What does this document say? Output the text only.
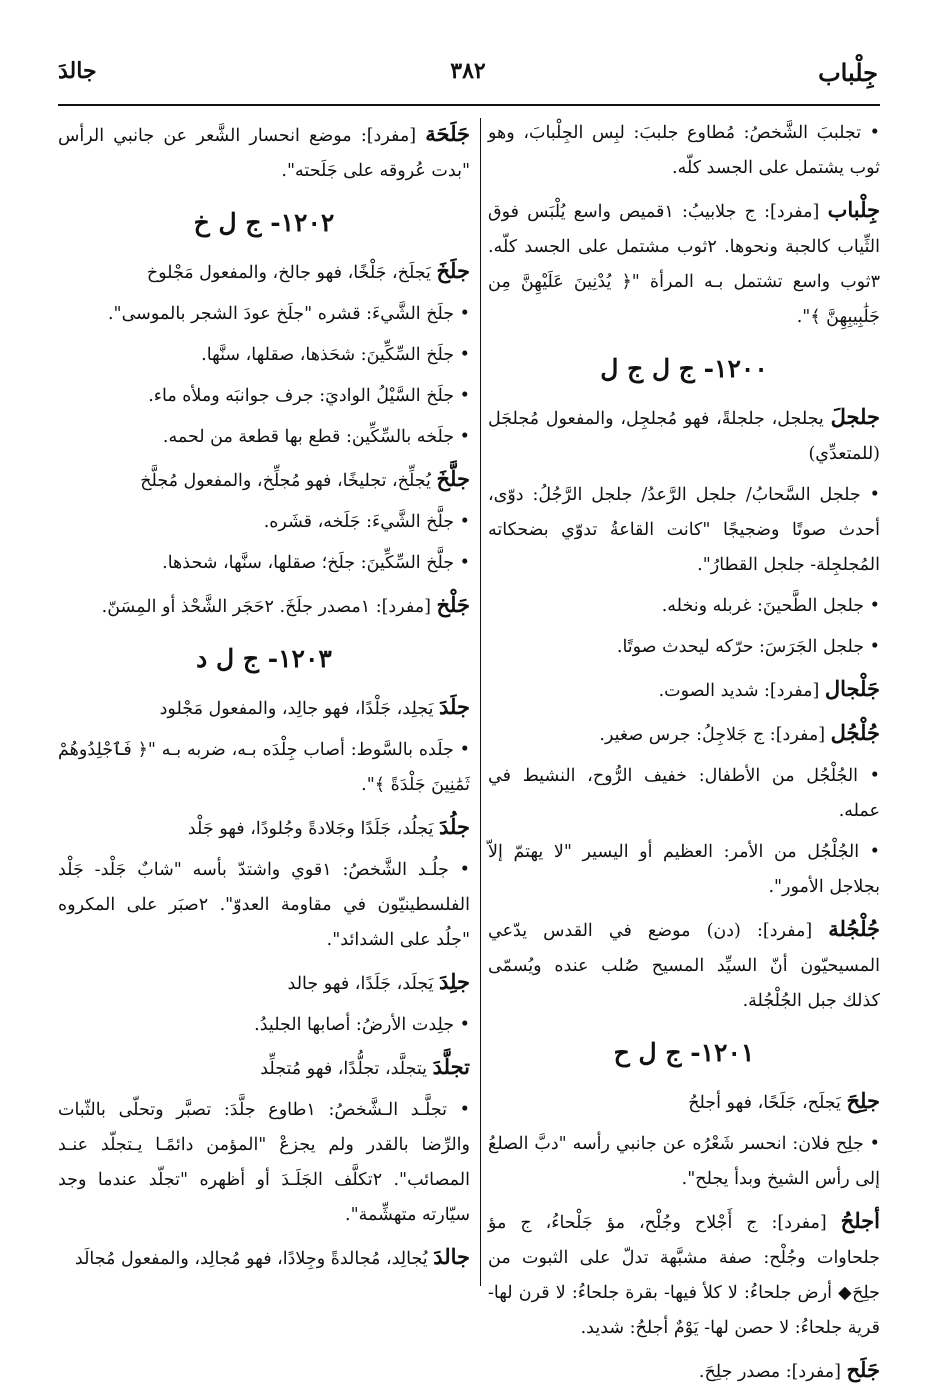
جِلْباب
٣٨٢
جالدَ

• تجلببَ الشَّخصُ: مُطاوع جلببَ: لبِس الجِلْبابَ، وهو ثوب يشتمل على الجسد كلّه.

جِلْباب [مفرد]: ج جلابيبُ: ١قميص واسع يُلْبَس فوق الثِّياب كالجبة ونحوها. ٢ثوب مشتمل على الجسد كلّه. ٣ثوب واسع تشتمل بـه المرأة "﴿ يُدْنِينَ عَلَيْهِنَّ مِن جَلَٰبِيبِهِنَّ ﴾".

١٢٠٠- ج ل ج ل

جلجلَ يجلجل، جلجلةً، فهو مُجلجِل، والمفعول مُجلجَل (للمتعدِّي)

• جلجل السَّحابُ/ جلجل الرَّعدُ/ جلجل الرَّجُلُ: دوّى، أحدث صوتًا وضجيجًا "كانت القاعةُ تدوّي بضحكاته المُجلجِلة- جلجل القطارُ".

• جلجل الطَّحينَ: غربله ونخله.

• جلجل الجَرَسَ: حرّكه ليحدث صوتًا.

جَلْجال [مفرد]: شديد الصوت.

جُلْجُل [مفرد]: ج جَلاجِلُ: جرس صغير.

• الجُلْجُل من الأطفال: خفيف الرُّوح، النشيط في عمله.

• الجُلْجُل من الأمر: العظيم أو اليسير "لا يهتمّ إلاّ بجلاجل الأمور".

جُلْجُلة [مفرد]: (دن) موضع في القدس يدّعي المسيحيّون أنّ السيِّد المسيح صُلب عنده ويُسمّى كذلك جبل الجُلْجُلة.

١٢٠١- ج ل ح

جلِحَ يَجلَح، جَلَحًا، فهو أجلحُ

• جلِح فلان: انحسر شَعْرُه عن جانبي رأسه "دبَّ الصلعُ إلى رأس الشيخ وبدأ يجلح".

أجلحُ [مفرد]: ج أَجْلاح وجُلْح، مؤ جَلْحاءُ، ج مؤ جلحاوات وجُلْح: صفة مشبَّهة تدلّ على الثبوت من جلِحَ◆ أرض جلحاءُ: لا كلأ فيها- بقرة جلحاءُ: لا قرن لها- قرية جلحاءُ: لا حصن لها- يَوْمٌ أجلحُ: شديد.

جَلَح [مفرد]: مصدر جلِحَ.

جَلَحَة [مفرد]: موضع انحسار الشَّعر عن جانبي الرأس "بدت عُروقه على جَلَحته".

١٢٠٢- ج ل خ

جلَخَ يَجلَخ، جَلْخًا، فهو جالخ، والمفعول مَجْلوخ

• جلَخ الشَّيءَ: قشره "جلَخ عودَ الشجر بالموسى".

• جلَخ السِّكِّينَ: شحَذها، صقلها، سنَّها.

• جلَخ السَّيْلُ الواديَ: جرف جوانبَه وملأه ماء.

• جلَخه بالسِّكِّين: قطع بها قطعة من لحمه.

جلَّخَ يُجلِّخ، تجليخًا، فهو مُجلِّخ، والمفعول مُجلَّخ

• جلَّخ الشَّيءَ: جَلَخه، قشَره.

• جلَّخ السِّكِّينَ: جلَخ؛ صقلها، سنَّها، شحذها.

جَلْخ [مفرد]: ١مصدر جلَخَ. ٢حَجَر الشَّحْذ أو المِسَنّ.

١٢٠٣- ج ل د

جلَدَ يَجلِد، جَلْدًا، فهو جالِد، والمفعول مَجْلود

• جلَده بالسَّوط: أصاب جِلْدَه بـه، ضربه بـه "﴿ فَٱجْلِدُوهُمْ ثَمَٰنِينَ جَلْدَةً ﴾".

جلُدَ يَجلُد، جَلَدًا وجَلادةً وجُلودًا، فهو جَلْد

• جلُـد الشَّخصُ: ١قوي واشتدّ بأسه "شابٌ جَلْد- جَلْد الفلسطينيّون في مقاومة العدوّ". ٢صبَر على المكروه "جلُد على الشدائد".

جلِدَ يَجلَد، جَلَدًا، فهو جالد

• جلِدت الأرضُ: أصابها الجليدُ.

تجلَّدَ يتجلَّد، تجلُّدًا، فهو مُتجلِّد

• تجلَّـد الـشَّخصُ: ١طاوع جلَّدَ: تصبَّر وتحلّى بالثّبات والرِّضا بالقدر ولم يجزعْ "المؤمن دائمًـا يـتجلّد عنـد المصائب". ٢تكلَّف الجَلَـدَ أو أظهره "تجلّد عندما وجد سيّارته متهشِّمة".

جالدَ يُجالِد، مُجالدةً وجِلادًا، فهو مُجالِد، والمفعول مُجالَد
